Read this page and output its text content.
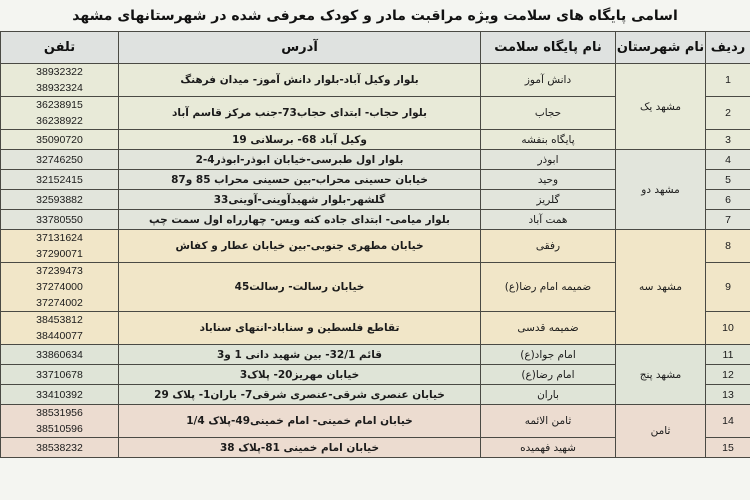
اسامی پایگاه های سلامت ویژه مراقبت مادر و کودک معرفی شده در شهرستانهای مشهد
ردیف	نام شهرستان	نام پایگاه سلامت	آدرس	تلفن
1	مشهد یک	دانش آموز	بلوار وکیل آباد-بلوار دانش آموز- میدان فرهنگ	38932322
38932324

2		حجاب	بلوار حجاب- ابتدای حجاب73-جنب مرکز قاسم آباد	36238915
36238922

3		پایگاه بنفشه	وکیل آباد 68- برسلانی 19	35090720

4	مشهد دو	ابوذر	بلوار اول طبرسی-خیابان ابوذر-ابوذر4-2	32746250

5		وحید	خیابان حسینی محراب-بین حسینی محراب 85 و87	32152415

6		گلریز	گلشهر-بلوار شهیدآوینی-آوینی33	32593882

7		همت آباد	بلوار میامی- ابتدای جاده کنه ویس- چهارراه اول سمت چپ	33780550

8	مشهد سه	رفقی	خیابان مطهری جنوبی-بین خیابان عطار و کفاش	37131624
37290071

9		ضمیمه امام رضا(ع)	خیابان رسالت- رسالت45	37239473
37274000
37274002

10		ضمیمه قدسی	تقاطع فلسطین و سناباد-انتهای سناباد	38453812
38440077

11	مشهد پنج	امام جواد(ع)	قائم 32/1- بین شهید دانی 1 و3	33860634

12		امام رضا(ع)	خیابان مهریز20- پلاک3	33710678

13		باران	خیابان عنصری شرقی-عنصری شرقی7- باران1- پلاک 29	33410392

14	ثامن	ثامن الائمه	خیابان امام خمینی- امام خمینی49-پلاک 1/4	38531956
38510596

15		شهید فهمیده	خیابان امام خمینی 81-پلاک 38	38538232
